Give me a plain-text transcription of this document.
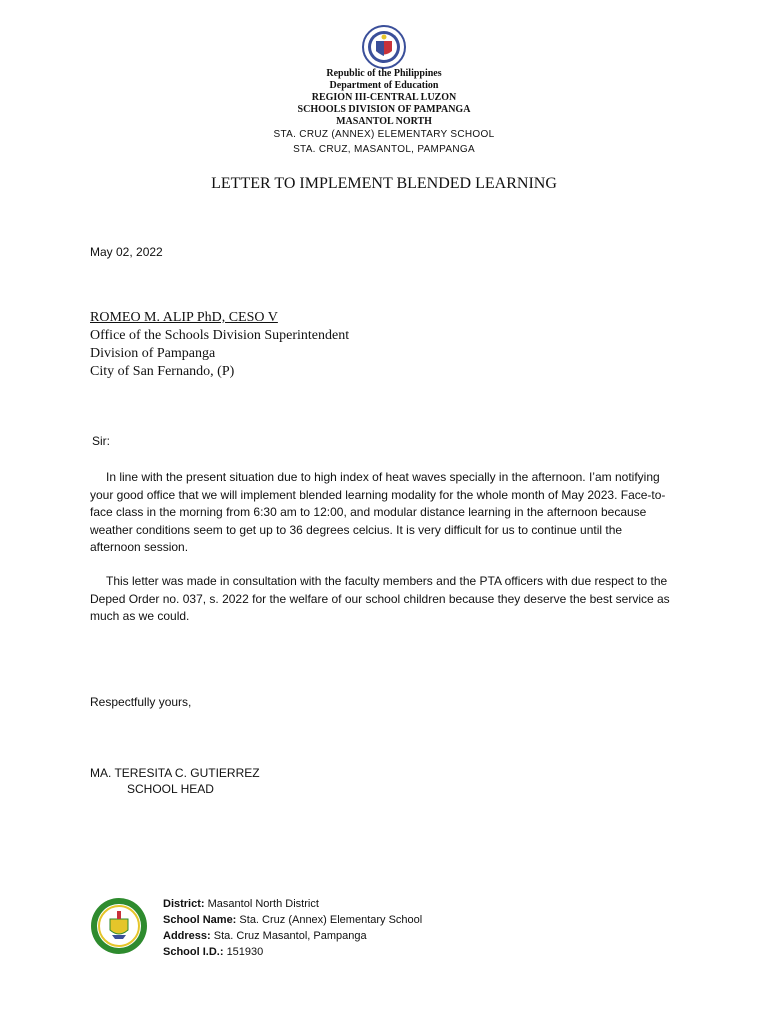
Republic of the Philippines
Department of Education
REGION III-CENTRAL LUZON
SCHOOLS DIVISION OF PAMPANGA
MASANTOL NORTH
STA. CRUZ (ANNEX) ELEMENTARY SCHOOL
STA. CRUZ, MASANTOL, PAMPANGA
LETTER TO IMPLEMENT BLENDED LEARNING
May 02, 2022
ROMEO M. ALIP PhD, CESO V
Office of the Schools Division Superintendent
Division of Pampanga
City of San Fernando, (P)
Sir:

In line with the present situation due to high index of heat waves specially in the afternoon. I’am notifying your good office that we will implement blended learning modality for the whole month of May 2023. Face-to-face class in the morning from 6:30 am to 12:00, and modular distance learning in the afternoon because weather conditions seem to get up to 36 degrees celcius. It is very difficult for us to continue until the afternoon session.

This letter was made in consultation with the faculty members and the PTA officers with due respect to the Deped Order no. 037, s. 2022 for the welfare of our school children because they deserve the best service as much as we could.

Respectfully yours,
MA. TERESITA C. GUTIERREZ
SCHOOL HEAD
District: Masantol North District
School Name: Sta. Cruz (Annex) Elementary School
Address: Sta. Cruz Masantol, Pampanga
School I.D.: 151930
